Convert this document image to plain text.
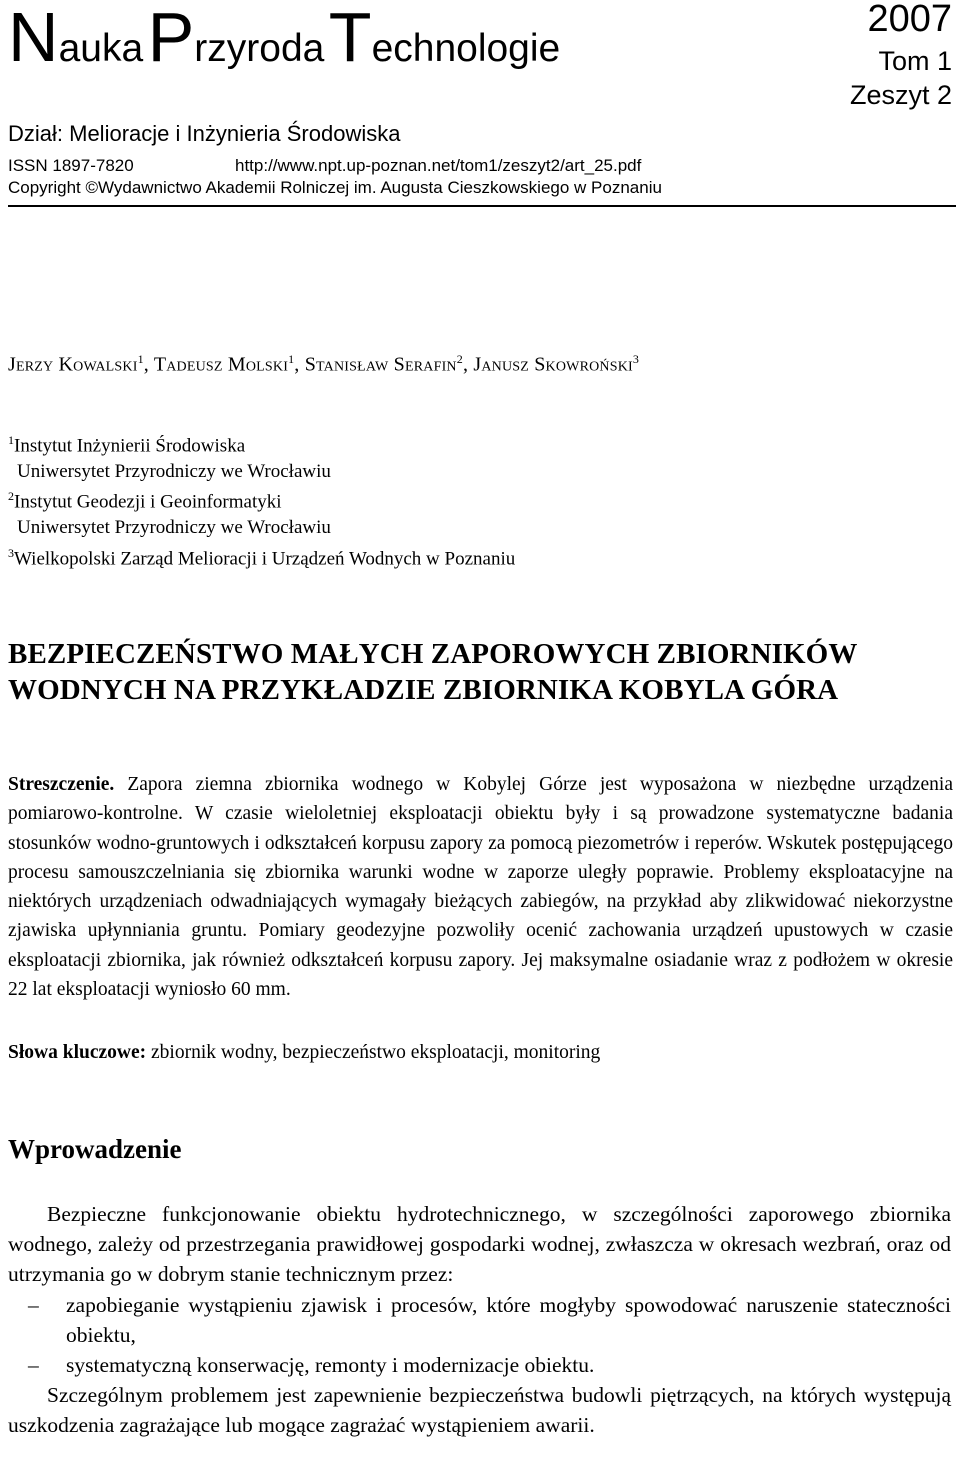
Nauka Przyroda Technologie
2007
Tom 1
Zeszyt 2
Dział: Melioracje i Inżynieria Środowiska
ISSN 1897-7820	http://www.npt.up-poznan.net/tom1/zeszyt2/art_25.pdf
Copyright ©Wydawnictwo Akademii Rolniczej im. Augusta Cieszkowskiego w Poznaniu
Jerzy Kowalski$^1$, Tadeusz Molski$^1$, Stanisław Serafin$^2$, Janusz Skowroński$^3$
$^1$Instytut Inżynierii Środowiska
Uniwersytet Przyrodniczy we Wrocławiu
$^2$Instytut Geodezji i Geoinformatyki
Uniwersytet Przyrodniczy we Wrocławiu
$^3$Wielkopolski Zarząd Melioracji i Urządzeń Wodnych w Poznaniu
BEZPIECZEŃSTWO MAŁYCH ZAPOROWYCH ZBIORNIKÓW
WODNYCH NA PRZYKŁADZIE ZBIORNIKA KOBYLA GÓRA
Streszczenie. Zapora ziemna zbiornika wodnego w Kobylej Górze jest wyposażona w niezbędne urządzenia pomiarowo-kontrolne. W czasie wieloletniej eksploatacji obiektu były i są prowadzone systematyczne badania stosunków wodno-gruntowych i odkształceń korpusu zapory za pomocą piezometrów i reperów. Wskutek postępującego procesu samouszczelniania się zbiornika warunki wodne w zaporze uległy poprawie. Problemy eksploatacyjne na niektórych urządzeniach odwadniających wymagały bieżących zabiegów, na przykład aby zlikwidować niekorzystne zjawiska upłynniania gruntu. Pomiary geodezyjne pozwoliły ocenić zachowania urządzeń upustowych w czasie eksploatacji zbiornika, jak również odkształceń korpusu zapory. Jej maksymalne osiadanie wraz z podłożem w okresie 22 lat eksploatacji wyniosło 60 mm.
Słowa kluczowe: zbiornik wodny, bezpieczeństwo eksploatacji, monitoring
Wprowadzenie

Bezpieczne funkcjonowanie obiektu hydrotechnicznego, w szczególności zaporowego zbiornika wodnego, zależy od przestrzegania prawidłowej gospodarki wodnej, zwłaszcza w okresach wezbrań, oraz od utrzymania go w dobrym stanie technicznym przez:

– zapobieganie wystąpieniu zjawisk i procesów, które mogłyby spowodować naruszenie stateczności obiektu,
– systematyczną konserwację, remonty i modernizacje obiektu.

Szczególnym problemem jest zapewnienie bezpieczeństwa budowli piętrzących, na których występują uszkodzenia zagrażające lub mogące zagrażać wystąpieniem awarii.
